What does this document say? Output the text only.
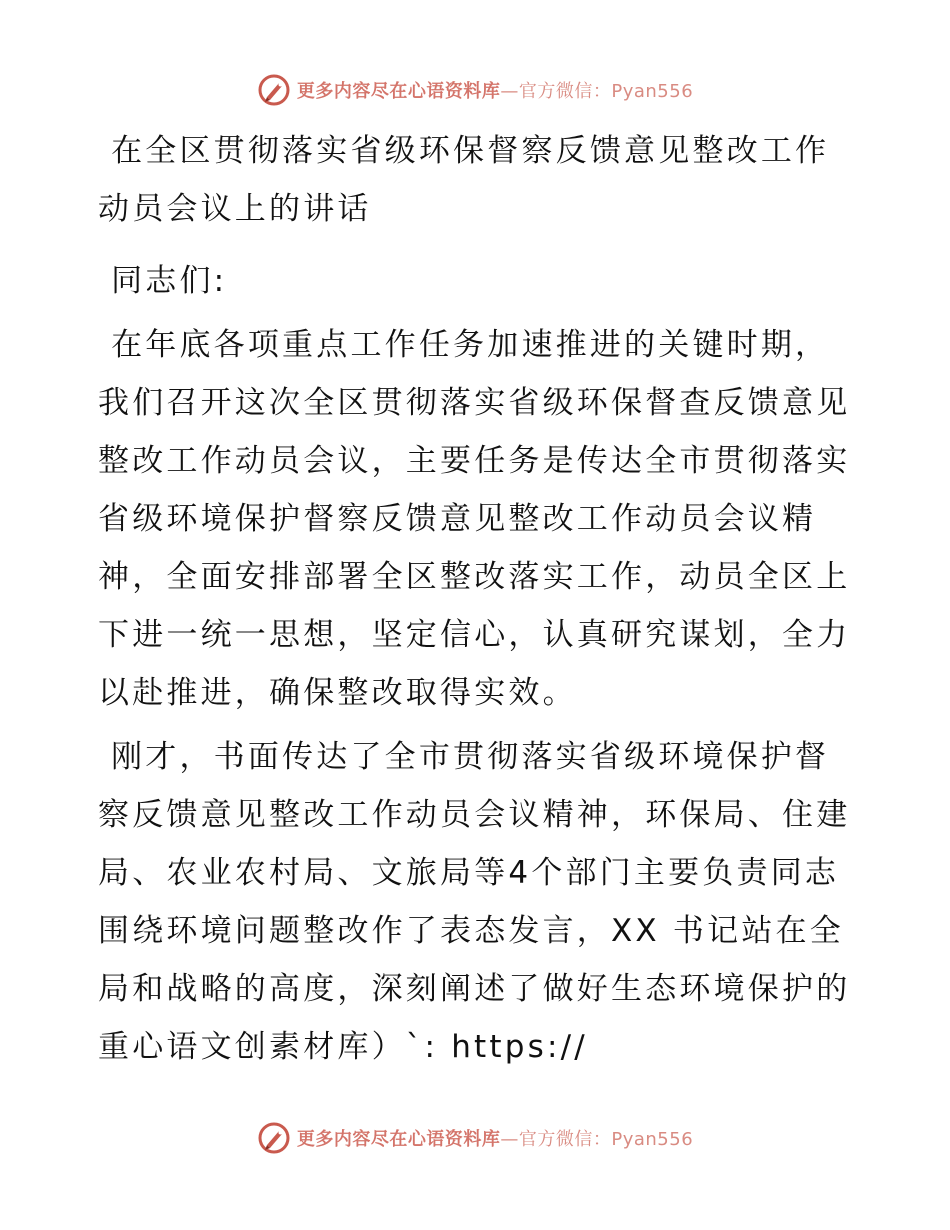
更多内容尽在心语资料库—官方微信：Pyan556

在全区贯彻落实省级环保督察反馈意见整改工作动员会议上的讲话

同志们:

在年底各项重点工作任务加速推进的关键时期，我们召开这次全区贯彻落实省级环保督查反馈意见整改工作动员会议，主要任务是传达全市贯彻落实省级环境保护督察反馈意见整改工作动员会议精神，全面安排部署全区整改落实工作，动员全区上下进一统一思想，坚定信心，认真研究谋划，全力以赴推进，确保整改取得实效。

刚才，书面传达了全市贯彻落实省级环境保护督察反馈意见整改工作动员会议精神，环保局、住建局、农业农村局、文旅局等4个部门主要负责同志围绕环境问题整改作了表态发言，XX 书记站在全局和战略的高度，深刻阐述了做好生态环境保护的重心语文创素材库）`: https://

更多内容尽在心语资料库—官方微信：Pyan556
